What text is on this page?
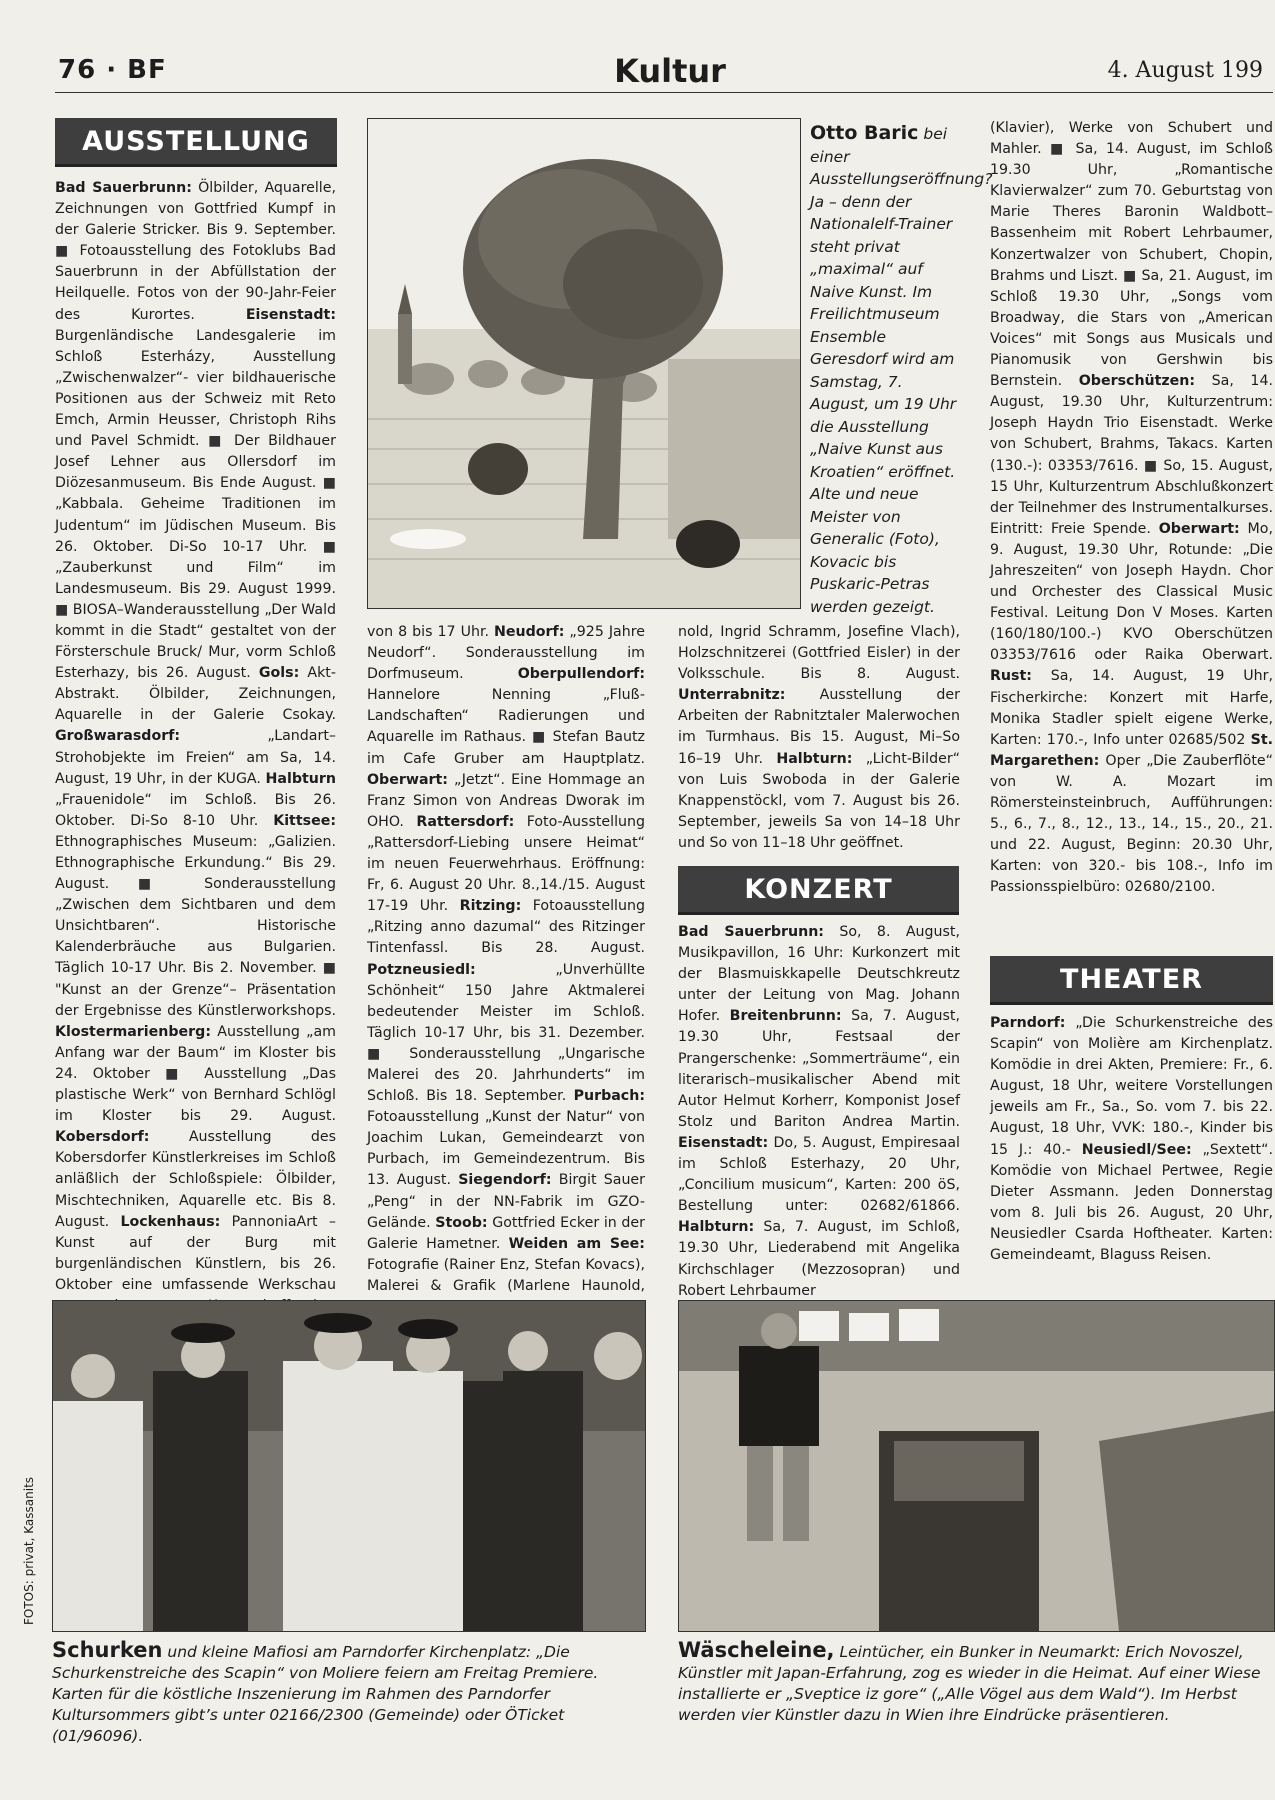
76 · BF	Kultur	4. August 199
AUSSTELLUNG
Bad Sauerbrunn: Ölbilder, Aquarelle, Zeichnungen von Gottfried Kumpf in der Galerie Stricker. Bis 9. September. ■ Fotoausstellung des Fotoklubs Bad Sauerbrunn in der Abfüllstation der Heilquelle. Fotos von der 90-Jahr-Feier des Kurortes. Eisenstadt: Burgenländische Landesgalerie im Schloß Esterházy, Ausstellung „Zwischenwalzer“- vier bildhauerische Positionen aus der Schweiz mit Reto Emch, Armin Heusser, Christoph Rihs und Pavel Schmidt. ■ Der Bildhauer Josef Lehner aus Ollersdorf im Diözesanmuseum. Bis Ende August. ■ „Kabbala. Geheime Traditionen im Judentum“ im Jüdischen Museum. Bis 26. Oktober. Di-So 10-17 Uhr. ■ „Zauberkunst und Film“ im Landesmuseum. Bis 29. August 1999. ■ BIOSA–Wanderausstellung „Der Wald kommt in die Stadt“ gestaltet von der Försterschule Bruck/ Mur, vorm Schloß Esterhazy, bis 26. August. Gols: Akt-Abstrakt. Ölbilder, Zeichnungen, Aquarelle in der Galerie Csokay. Großwarasdorf: „Landart–Strohobjekte im Freien“ am Sa, 14. August, 19 Uhr, in der KUGA. Halbturn „Frauenidole“ im Schloß. Bis 26. Oktober. Di-So 8-10 Uhr. Kittsee: Ethnographisches Museum: „Galizien. Ethnographische Erkundung.“ Bis 29. August. ■ Sonderausstellung „Zwischen dem Sichtbaren und dem Unsichtbaren“. Historische Kalenderbräuche aus Bulgarien. Täglich 10-17 Uhr. Bis 2. November. ■ "Kunst an der Grenze“– Präsentation der Ergebnisse des Künstlerworkshops. Klostermarienberg: Ausstellung „am Anfang war der Baum“ im Kloster bis 24. Oktober ■ Ausstellung „Das plastische Werk“ von Bernhard Schlögl im Kloster bis 29. August. Kobersdorf: Ausstellung des Kobersdorfer Künstlerkreises im Schloß anläßlich der Schloßspiele: Ölbilder, Mischtechniken, Aquarelle etc. Bis 8. August. Lockenhaus: PannoniaArt – Kunst auf der Burg mit burgenländischen Künstlern, bis 26. Oktober eine umfassende Werkschau
Otto Baric bei einer Ausstellungseröffnung? Ja – denn der Nationalelf-Trainer steht privat „maximal“ auf Naive Kunst. Im Freilichtmuseum Ensemble Geresdorf wird am Samstag, 7. August, um 19 Uhr die Ausstellung „Naive Kunst aus Kroatien“ eröffnet. Alte und neue Meister von Generalic (Foto), Kovacic bis Puskaric-Petras werden gezeigt.
von 8 bis 17 Uhr. Neudorf: „925 Jahre Neudorf“. Sonderausstellung im Dorfmuseum. Oberpullendorf: Hannelore Nenning „Fluß-Landschaften“ Radierungen und Aquarelle im Rathaus. ■ Stefan Bautz im Cafe Gruber am Hauptplatz. Oberwart: „Jetzt“. Eine Hommage an Franz Simon von Andreas Dworak im OHO. Rattersdorf: Foto-Ausstellung „Rattersdorf-Liebing unsere Heimat“ im neuen Feuerwehrhaus. Eröffnung: Fr, 6. August 20 Uhr. 8.,14./15. August 17-19 Uhr. Ritzing: Fotoausstellung „Ritzing anno dazumal“ des Ritzinger Tintenfassl. Bis 28. August. Potzneusiedl: „Unverhüllte Schönheit“ 150 Jahre Aktmalerei bedeutender Meister im Schloß. Täglich 10-17 Uhr, bis 31. Dezember. ■ Sonderausstellung „Ungarische Malerei des 20. Jahrhunderts“ im Schloß. Bis 18. September. Purbach: Fotoausstellung „Kunst der Natur“ von Joachim Lukan, Gemeindearzt von Purbach, im Gemeindezentrum. Bis 13. August. Siegendorf: Birgit Sauer „Peng“ in der NN-Fabrik im GZO-Gelände. Stoob: Gottfried Ecker in der Galerie Hametner. Weiden am See: Fotografie (Rainer Enz, Stefan Kovacs), Malerei & Grafik (Marlene Haunold,
nold, Ingrid Schramm, Josefine Vlach), Holzschnitzerei (Gottfried Eisler) in der Volksschule. Bis 8. August. Unterrabnitz: Ausstellung der Arbeiten der Rabnitztaler Malerwochen im Turmhaus. Bis 15. August, Mi–So 16–19 Uhr. Halbturn: „Licht-Bilder“ von Luis Swoboda in der Galerie Knappenstöckl, vom 7. August bis 26. September, jeweils Sa von 14–18 Uhr und So von 11–18 Uhr geöffnet.
KONZERT
Bad Sauerbrunn: So, 8. August, Musikpavillon, 16 Uhr: Kurkonzert mit der Blasmuiskkapelle Deutschkreutz unter der Leitung von Mag. Johann Hofer. Breitenbrunn: Sa, 7. August, 19.30 Uhr, Festsaal der Prangerschenke: „Sommerträume“, ein literarisch–musikalischer Abend mit Autor Helmut Korherr, Komponist Josef Stolz und Bariton Andrea Martin. Eisenstadt: Do, 5. August, Empiresaal im Schloß Esterhazy, 20 Uhr, „Concilium musicum“, Karten: 200 öS, Bestellung unter: 02682/61866. Halbturn: Sa, 7. August, im Schloß, 19.30 Uhr, Liederabend mit Angelika Kirchschlager (Mezzosopran) und Robert Lehrbaumer
(Klavier), Werke von Schubert und Mahler. ■ Sa, 14. August, im Schloß 19.30 Uhr, „Romantische Klavierwalzer“ zum 70. Geburtstag von Marie Theres Baronin Waldbott–Bassenheim mit Robert Lehrbaumer, Konzertwalzer von Schubert, Chopin, Brahms und Liszt. ■ Sa, 21. August, im Schloß 19.30 Uhr, „Songs vom Broadway, die Stars von „American Voices“ mit Songs aus Musicals und Pianomusik von Gershwin bis Bernstein. Oberschützen: Sa, 14. August, 19.30 Uhr, Kulturzentrum: Joseph Haydn Trio Eisenstadt. Werke von Schubert, Brahms, Takacs. Karten (130.-): 03353/7616. ■ So, 15. August, 15 Uhr, Kulturzentrum Abschlußkonzert der Teilnehmer des Instrumentalkurses. Eintritt: Freie Spende. Oberwart: Mo, 9. August, 19.30 Uhr, Rotunde: „Die Jahreszeiten“ von Joseph Haydn. Chor und Orchester des Classical Music Festival. Leitung Don V Moses. Karten (160/180/100.-) KVO Oberschützen 03353/7616 oder Raika Oberwart. Rust: Sa, 14. August, 19 Uhr, Fischerkirche: Konzert mit Harfe, Monika Stadler spielt eigene Werke, Karten: 170.-, Info unter 02685/502 St. Margarethen: Oper „Die Zauberflöte“ von W. A. Mozart im Römersteinsteinbruch, Aufführungen: 5., 6., 7., 8., 12., 13., 14., 15., 20., 21. und 22. August, Beginn: 20.30 Uhr, Karten: von 320.- bis 108.-, Info im Passionsspielbüro: 02680/2100.
THEATER
Parndorf: „Die Schurkenstreiche des Scapin“ von Molière am Kirchenplatz. Komödie in drei Akten, Premiere: Fr., 6. August, 18 Uhr, weitere Vorstellungen jeweils am Fr., Sa., So. vom 7. bis 22. August, 18 Uhr, VVK: 180.-, Kinder bis 15 J.: 40.- Neusiedl/See: „Sextett“. Komödie von Michael Pertwee, Regie Dieter Assmann. Jeden Donnerstag vom 8. Juli bis 26. August, 20 Uhr, Neusiedler Csarda Hoftheater. Karten: Gemeindeamt, Blaguss Reisen.
FOTOS: privat, Kassanits
Schurken und kleine Mafiosi am Parndorfer Kirchenplatz: „Die Schurkenstreiche des Scapin“ von Moliere feiern am Freitag Premiere. Karten für die köstliche Inszenierung im Rahmen des Parndorfer Kultursommers gibt’s unter 02166/2300 (Gemeinde) oder ÖTicket (01/96096).
Wäscheleine, Leintücher, ein Bunker in Neumarkt: Erich Novoszel, Künstler mit Japan-Erfahrung, zog es wieder in die Heimat. Auf einer Wiese installierte er „Sveptice iz gore“ („Alle Vögel aus dem Wald“). Im Herbst werden vier Künstler dazu in Wien ihre Eindrücke präsentieren.
